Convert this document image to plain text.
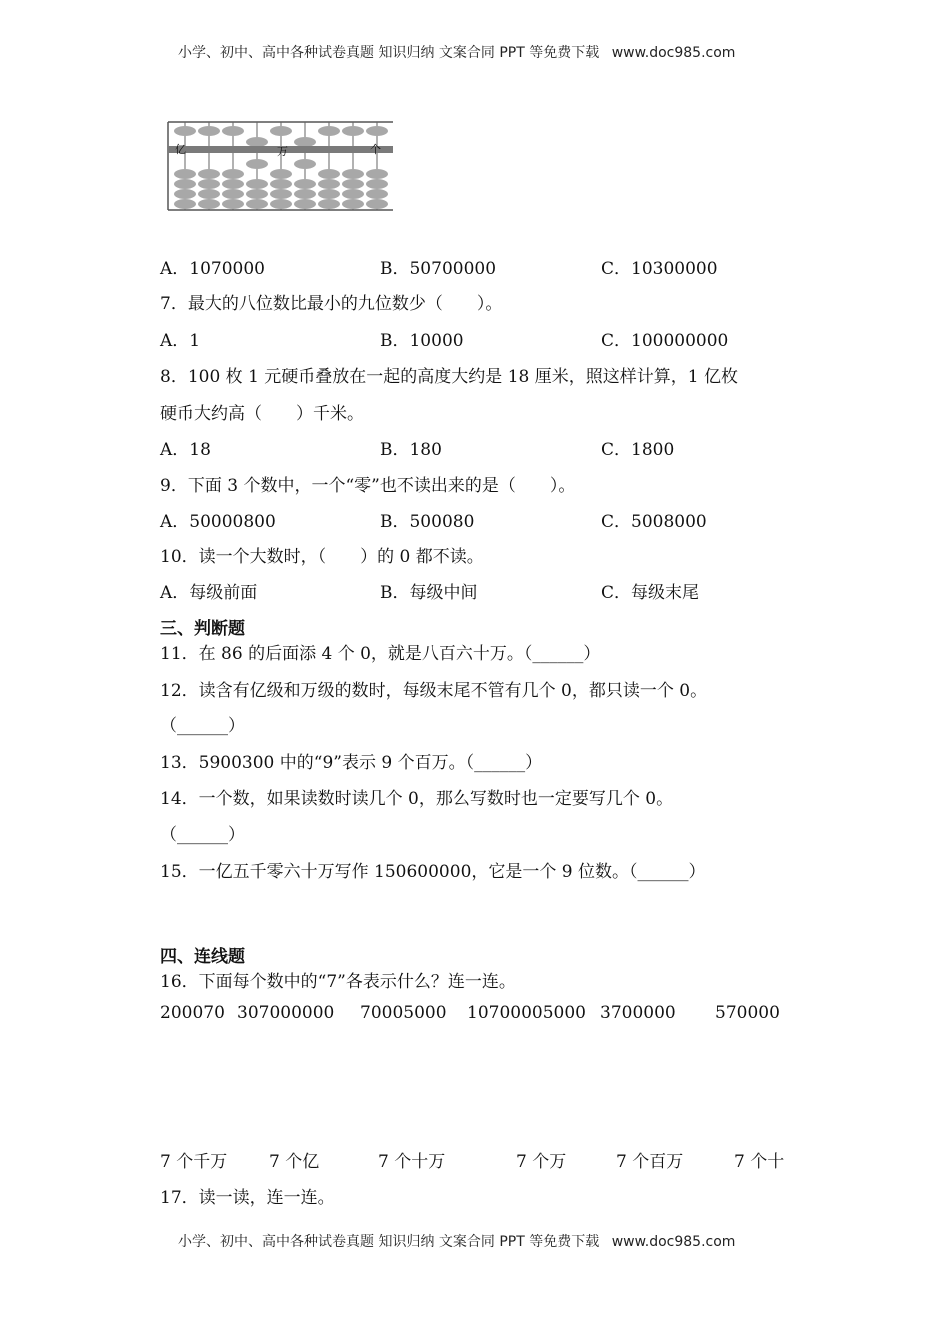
小学、初中、高中各种试卷真题 知识归纳 文案合同 PPT 等免费下载 www.doc985.com
亿	万	个
A．1070000	B．50700000	C．10300000
7．最大的八位数比最小的九位数少（　　）。
A．1	B．10000	C．100000000
8．100 枚 1 元硬币叠放在一起的高度大约是 18 厘米，照这样计算，1 亿枚
硬币大约高（　　）千米。
A．18	B．180	C．1800
9．下面 3 个数中，一个“零”也不读出来的是（　　）。
A．50000800	B．500080	C．5008000
10．读一个大数时，（　　）的 0 都不读。
A．每级前面	B．每级中间	C．每级末尾
三、判断题
11．在 86 的后面添 4 个 0，就是八百六十万。（______）
12．读含有亿级和万级的数时，每级末尾不管有几个 0，都只读一个 0。
（______）
13．5900300 中的“9”表示 9 个百万。（______）
14．一个数，如果读数时读几个 0，那么写数时也一定要写几个 0。
（______）
15．一亿五千零六十万写作 150600000，它是一个 9 位数。（______）
四、连线题
16．下面每个数中的“7”各表示什么？连一连。
200070 307000000 70005000 10700005000 3700000 570000
7 个千万 7 个亿	7 个十万	7 个万	7 个百万	7 个十
17．读一读，连一连。
小学、初中、高中各种试卷真题 知识归纳 文案合同 PPT 等免费下载 www.doc985.com
